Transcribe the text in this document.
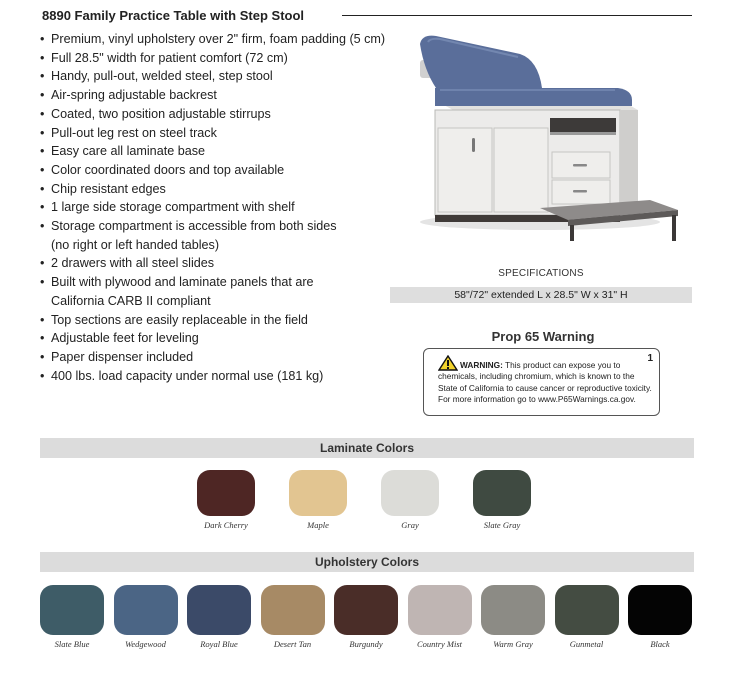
8890 Family Practice Table with Step Stool
• Premium, vinyl upholstery over 2" firm, foam padding (5 cm)
• Full 28.5" width for patient comfort (72 cm)
• Handy, pull-out, welded steel, step stool
• Air-spring adjustable backrest
• Coated, two position adjustable stirrups
• Pull-out leg rest on steel track
• Easy care all laminate base
• Color coordinated doors and top available
• Chip resistant edges
• 1 large side storage compartment with shelf
• Storage compartment is accessible from both sides
(no right or left handed tables)
• 2 drawers with all steel slides
• Built with plywood and laminate panels that are
California CARB II compliant
• Top sections are easily replaceable in the field
• Adjustable feet for leveling
• Paper dispenser included
• 400 lbs. load capacity under normal use (181 kg)
SPECIFICATIONS
58"/72" extended L x 28.5" W x 31" H
Prop 65 Warning
1
WARNING: This product can expose you to
chemicals, including chromium, which is known to the
State of California to cause cancer or reproductive toxicity.
For more information go to www.P65Warnings.ca.gov.
Laminate Colors
Dark Cherry	Maple	Gray	Slate Gray
Upholstery Colors
Slate Blue	Wedgewood	Royal Blue	Desert Tan	Burgundy	Country Mist	Warm Gray	Gunmetal	Black
